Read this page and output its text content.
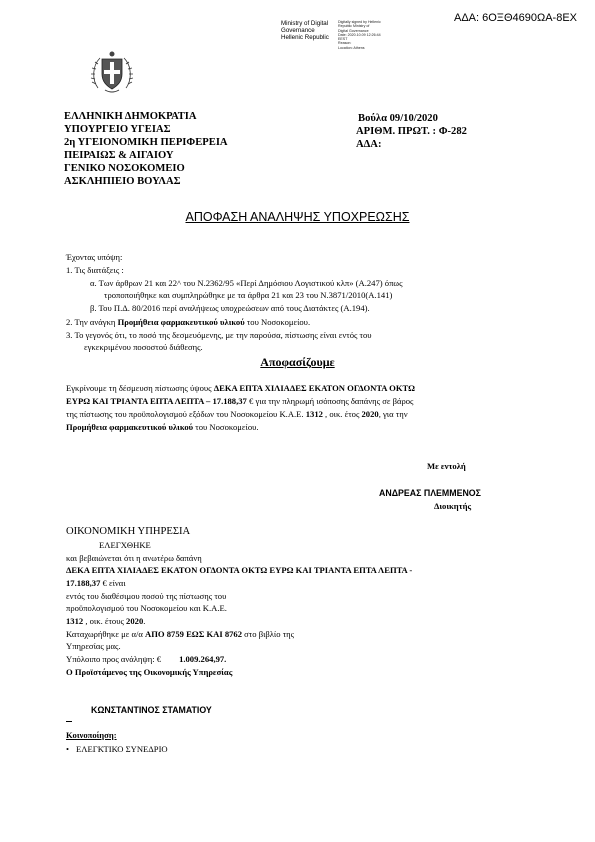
ΑΔΑ: 6ΟΞΘ4690ΩΑ-8ΕΧ
Ministry of Digital
Governance
Hellenic Republic
Digitally signed by Hellenic
Republic Ministry of
Digital Governance
Date: 2020.10.09 12:26:44
EEST
Reason:
Location: Athens
ΕΛΛΗΝΙΚΗ ΔΗΜΟΚΡΑΤΙΑ
ΥΠΟΥΡΓΕΙΟ ΥΓΕΙΑΣ
2η ΥΓΕΙΟΝΟΜΙΚΗ ΠΕΡΙΦΕΡΕΙΑ
ΠΕΙΡΑΙΩΣ & ΑΙΓΑΙΟΥ
ΓΕΝΙΚΟ ΝΟΣΟΚΟΜΕΙΟ
ΑΣΚΛΗΠΙΕΙΟ ΒΟΥΛΑΣ
Βούλα 09/10/2020
ΑΡΙΘΜ. ΠΡΩΤ. : Φ-282
ΑΔΑ:
ΑΠΟΦΑΣΗ ΑΝΑΛΗΨΗΣ ΥΠΟΧΡΕΩΣΗΣ
Έχοντας υπόψη:
1. Τις διατάξεις :
α. Των άρθρων 21 και 22^ του Ν.2362/95 «Περί Δημόσιου Λογιστικού κλπ» (Α.247) όπως
τροποποιήθηκε και συμπληρώθηκε με τα άρθρα 21 και 23 του Ν.3871/2010(Α.141)
β. Του Π.Δ. 80/2016 περί αναλήψεως υποχρεώσεων από τους Διατάκτες (Α.194).
2. Την ανάγκη Προμήθεια φαρμακευτικού υλικού του Νοσοκομείου.
3. Το γεγονός ότι, το ποσό της δεσμευόμενης, με την παρούσα, πίστωσης είναι εντός του
εγκεκριμένου ποσοστού διάθεσης.
Αποφασίζουμε
Εγκρίνουμε τη δέσμευση πίστωσης ύψους ΔΕΚΑ ΕΠΤΑ ΧΙΛΙΑΔΕΣ ΕΚΑΤΟΝ ΟΓΔΟΝΤΑ ΟΚΤΩ
ΕΥΡΩ ΚΑΙ ΤΡΙΑΝΤΑ ΕΠΤΑ ΛΕΠΤΑ – 17.188,37 € για την πληρωμή ισόποσης δαπάνης σε βάρος
της πίστωσης του προϋπολογισμού εξόδων του Νοσοκομείου Κ.Α.Ε. 1312 , οικ. έτος 2020, για την
Προμήθεια φαρμακευτικού υλικού του Νοσοκομείου.
Με εντολή
ΑΝΔΡΕΑΣ ΠΛΕΜΜΕΝΟΣ
Διοικητής
ΟΙΚΟΝΟΜΙΚΗ ΥΠΗΡΕΣΙΑ
ΕΛΕΓΧΘΗΚΕ
και βεβαιώνεται ότι η ανωτέρω δαπάνη
ΔΕΚΑ ΕΠΤΑ ΧΙΛΙΑΔΕΣ ΕΚΑΤΟΝ ΟΓΔΟΝΤΑ ΟΚΤΩ ΕΥΡΩ ΚΑΙ ΤΡΙΑΝΤΑ ΕΠΤΑ ΛΕΠΤΑ -
17.188,37 € είναι
εντός του διαθέσιμου ποσού της πίστωσης του
προϋπολογισμού του Νοσοκομείου και Κ.Α.Ε.
1312 , οικ. έτους 2020.
Καταχωρήθηκε με α/α ΑΠΟ 8759 ΕΩΣ ΚΑΙ 8762 στο βιβλίο της
Υπηρεσίας μας.
Υπόλοιπο προς ανάληψη: € 1.009.264,97.
Ο Προϊστάμενος της Οικονομικής Υπηρεσίας
ΚΩΝΣΤΑΝΤΙΝΟΣ ΣΤΑΜΑΤΙΟΥ
Κοινοποίηση:
• ΕΛΕΓΚΤΙΚΟ ΣΥΝΕΔΡΙΟ
